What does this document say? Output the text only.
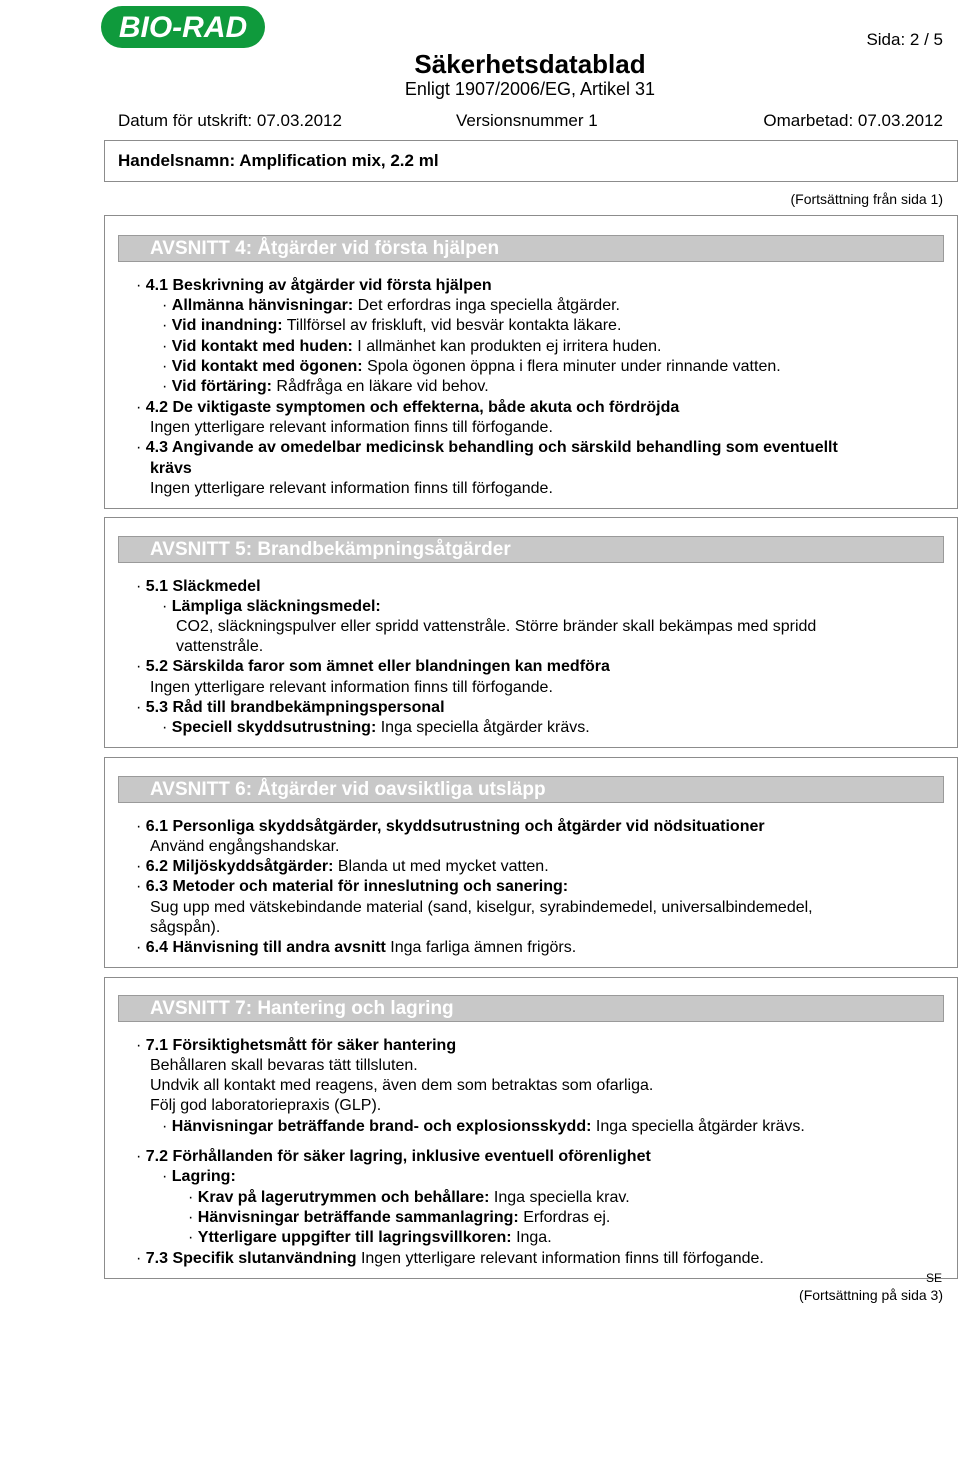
BIO-RAD	Sida: 2 / 5
Säkerhetsdatablad
Enligt 1907/2006/EG, Artikel 31
Datum för utskrift: 07.03.2012	Versionsnummer 1	Omarbetad: 07.03.2012
Handelsnamn: Amplification mix, 2.2 ml
(Fortsättning från sida 1)
AVSNITT 4: Åtgärder vid första hjälpen
· 4.1 Beskrivning av åtgärder vid första hjälpen
· Allmänna hänvisningar: Det erfordras inga speciella åtgärder.
· Vid inandning: Tillförsel av friskluft, vid besvär kontakta läkare.
· Vid kontakt med huden: I allmänhet kan produkten ej irritera huden.
· Vid kontakt med ögonen: Spola ögonen öppna i flera minuter under rinnande vatten.
· Vid förtäring: Rådfråga en läkare vid behov.
· 4.2 De viktigaste symptomen och effekterna, både akuta och fördröjda
Ingen ytterligare relevant information finns till förfogande.
· 4.3 Angivande av omedelbar medicinsk behandling och särskild behandling som eventuellt
krävs
Ingen ytterligare relevant information finns till förfogande.
AVSNITT 5: Brandbekämpningsåtgärder
· 5.1 Släckmedel
· Lämpliga släckningsmedel:
CO2, släckningspulver eller spridd vattenstråle. Större bränder skall bekämpas med spridd
vattenstråle.
· 5.2 Särskilda faror som ämnet eller blandningen kan medföra
Ingen ytterligare relevant information finns till förfogande.
· 5.3 Råd till brandbekämpningspersonal
· Speciell skyddsutrustning: Inga speciella åtgärder krävs.
AVSNITT 6: Åtgärder vid oavsiktliga utsläpp
· 6.1 Personliga skyddsåtgärder, skyddsutrustning och åtgärder vid nödsituationer
Använd engångshandskar.
· 6.2 Miljöskyddsåtgärder: Blanda ut med mycket vatten.
· 6.3 Metoder och material för inneslutning och sanering:
Sug upp med vätskebindande material (sand, kiselgur, syrabindemedel, universalbindemedel,
sågspån).
· 6.4 Hänvisning till andra avsnitt Inga farliga ämnen frigörs.
AVSNITT 7: Hantering och lagring
· 7.1 Försiktighetsmått för säker hantering
Behållaren skall bevaras tätt tillsluten.
Undvik all kontakt med reagens, även dem som betraktas som ofarliga.
Följ god laboratoriepraxis (GLP).
· Hänvisningar beträffande brand- och explosionsskydd: Inga speciella åtgärder krävs.
· 7.2 Förhållanden för säker lagring, inklusive eventuell oförenlighet
· Lagring:
· Krav på lagerutrymmen och behållare: Inga speciella krav.
· Hänvisningar beträffande sammanlagring: Erfordras ej.
· Ytterligare uppgifter till lagringsvillkoren: Inga.
· 7.3 Specifik slutanvändning Ingen ytterligare relevant information finns till förfogande.
SE
(Fortsättning på sida 3)
